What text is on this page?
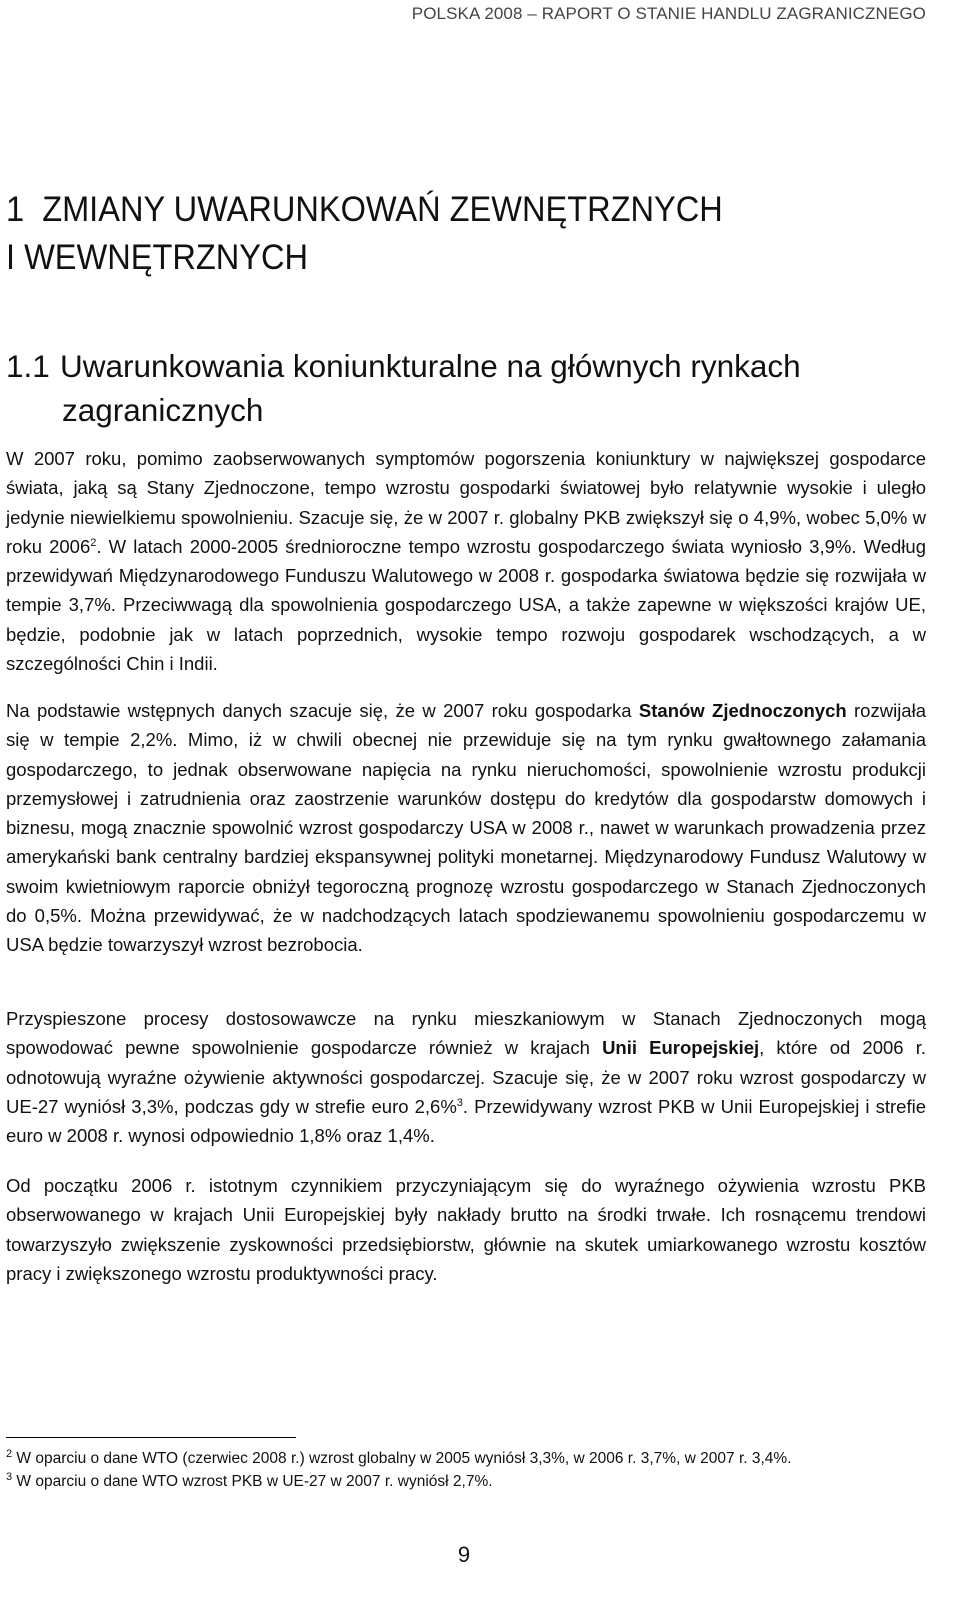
POLSKA 2008 – RAPORT O STANIE HANDLU ZAGRANICZNEGO
1  ZMIANY UWARUNKOWAŃ ZEWNĘTRZNYCH
I WEWNĘTRZNYCH
1.1 Uwarunkowania koniunkturalne na głównych rynkach
zagranicznych

W 2007 roku, pomimo zaobserwowanych symptomów pogorszenia koniunktury w największej gospodarce świata, jaką są Stany Zjednoczone, tempo wzrostu gospodarki światowej było relatywnie wysokie i uległo jedynie niewielkiemu spowolnieniu. Szacuje się, że w 2007 r. globalny PKB zwiększył się o 4,9%, wobec 5,0% w roku 2006$^2$. W latach 2000-2005 średnioroczne tempo wzrostu gospodarczego świata wyniosło 3,9%. Według przewidywań Międzynarodowego Funduszu Walutowego w 2008 r. gospodarka światowa będzie się rozwijała w tempie 3,7%. Przeciwwagą dla spowolnienia gospodarczego USA, a także zapewne w większości krajów UE, będzie, podobnie jak w latach poprzednich, wysokie tempo rozwoju gospodarek wschodzących, a w szczególności Chin i Indii.

Na podstawie wstępnych danych szacuje się, że w 2007 roku gospodarka Stanów Zjednoczonych rozwijała się w tempie 2,2%. Mimo, iż w chwili obecnej nie przewiduje się na tym rynku gwałtownego załamania gospodarczego, to jednak obserwowane napięcia na rynku nieruchomości, spowolnienie wzrostu produkcji przemysłowej i zatrudnienia oraz zaostrzenie warunków dostępu do kredytów dla gospodarstw domowych i biznesu, mogą znacznie spowolnić wzrost gospodarczy USA w 2008 r., nawet w warunkach prowadzenia przez amerykański bank centralny bardziej ekspansywnej polityki monetarnej. Międzynarodowy Fundusz Walutowy w swoim kwietniowym raporcie obniżył tegoroczną prognozę wzrostu gospodarczego w Stanach Zjednoczonych do 0,5%. Można przewidywać, że w nadchodzących latach spodziewanemu spowolnieniu gospodarczemu w USA będzie towarzyszył wzrost bezrobocia.

Przyspieszone procesy dostosowawcze na rynku mieszkaniowym w Stanach Zjednoczonych mogą spowodować pewne spowolnienie gospodarcze również w krajach Unii Europejskiej, które od 2006 r. odnotowują wyraźne ożywienie aktywności gospodarczej. Szacuje się, że w 2007 roku wzrost gospodarczy w UE-27 wyniósł 3,3%, podczas gdy w strefie euro 2,6%$^3$. Przewidywany wzrost PKB w Unii Europejskiej i strefie euro w 2008 r. wynosi odpowiednio 1,8% oraz 1,4%.

Od początku 2006 r. istotnym czynnikiem przyczyniającym się do wyraźnego ożywienia wzrostu PKB obserwowanego w krajach Unii Europejskiej były nakłady brutto na środki trwałe. Ich rosnącemu trendowi towarzyszyło zwiększenie zyskowności przedsiębiorstw, głównie na skutek umiarkowanego wzrostu kosztów pracy i zwiększonego wzrostu produktywności pracy.

$^2$ W oparciu o dane WTO (czerwiec 2008 r.) wzrost globalny w 2005 wyniósł 3,3%, w 2006 r. 3,7%, w 2007 r. 3,4%.

$^3$ W oparciu o dane WTO wzrost PKB w UE-27 w 2007 r. wyniósł 2,7%.

9
